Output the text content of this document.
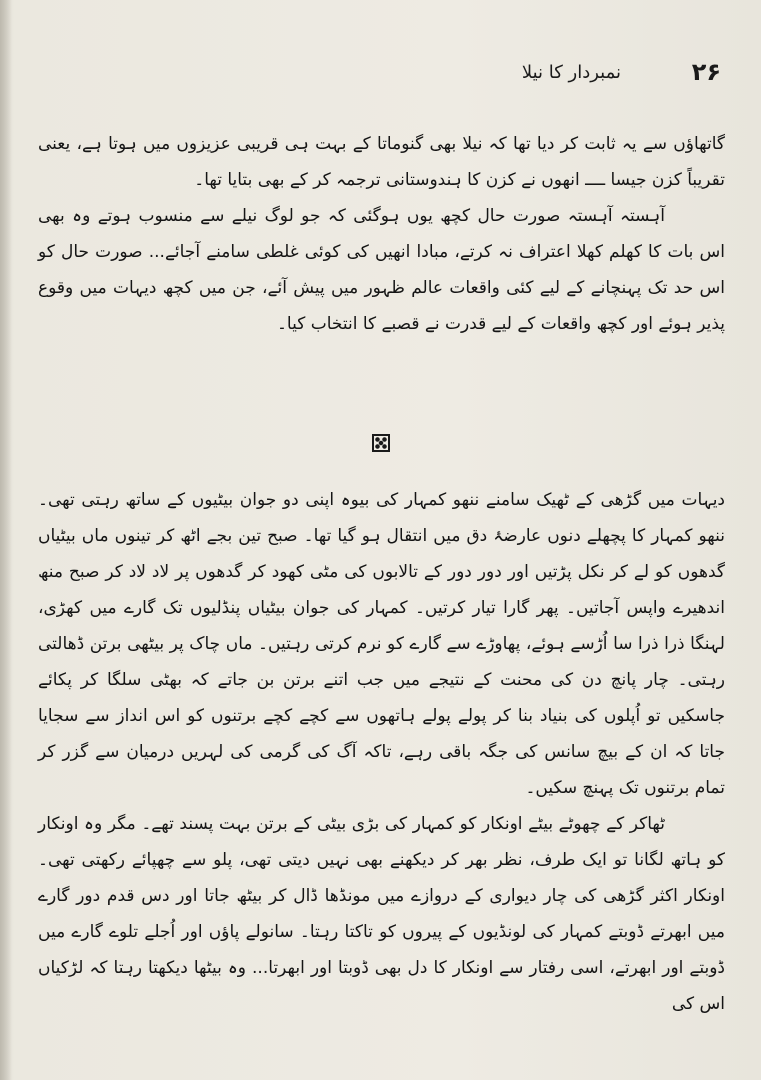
۲۶
نمبردار کا نیلا

گاتھاؤں سے یہ ثابت کر دیا تھا کہ نیلا بھی گنوماتا کے بہت ہی قریبی عزیزوں میں ہوتا ہے، یعنی تقریباً کزن جیسا ــــ انھوں نے کزن کا ہندوستانی ترجمہ کر کے بھی بتایا تھا۔

آہستہ آہستہ صورت حال کچھ یوں ہوگئی کہ جو لوگ نیلے سے منسوب ہوتے وہ بھی اس بات کا کھلم کھلا اعتراف نہ کرتے، مبادا انھیں کی کوئی غلطی سامنے آجائے... صورت حال کو اس حد تک پہنچانے کے لیے کئی واقعات عالم ظہور میں پیش آئے، جن میں کچھ دیہات میں وقوع پذیر ہوئے اور کچھ واقعات کے لیے قدرت نے قصبے کا انتخاب کیا۔

دیہات میں گڑھی کے ٹھیک سامنے ننھو کمہار کی بیوہ اپنی دو جوان بیٹیوں کے ساتھ رہتی تھی۔ ننھو کمہار کا پچھلے دنوں عارضۂ دق میں انتقال ہو گیا تھا۔ صبح تین بجے اٹھ کر تینوں ماں بیٹیاں گدھوں کو لے کر نکل پڑتیں اور دور دور کے تالابوں کی مٹی کھود کر گدھوں پر لاد لاد کر صبح منھ اندھیرے واپس آجاتیں۔ پھر گارا تیار کرتیں۔ کمہار کی جوان بیٹیاں پنڈلیوں تک گارے میں کھڑی، لہنگا ذرا ذرا سا اُڑسے ہوئے، پھاوڑے سے گارے کو نرم کرتی رہتیں۔ ماں چاک پر بیٹھی برتن ڈھالتی رہتی۔ چار پانچ دن کی محنت کے نتیجے میں جب اتنے برتن بن جاتے کہ بھٹی سلگا کر پکائے جاسکیں تو اُپلوں کی بنیاد بنا کر پولے پولے ہاتھوں سے کچے کچے برتنوں کو اس انداز سے سجایا جاتا کہ ان کے بیچ سانس کی جگہ باقی رہے، تاکہ آگ کی گرمی کی لہریں درمیان سے گزر کر تمام برتنوں تک پہنچ سکیں۔

ٹھاکر کے چھوٹے بیٹے اونکار کو کمہار کی بڑی بیٹی کے برتن بہت پسند تھے۔ مگر وہ اونکار کو ہاتھ لگانا تو ایک طرف، نظر بھر کر دیکھنے بھی نہیں دیتی تھی، پلو سے چھپائے رکھتی تھی۔ اونکار اکثر گڑھی کی چار دیواری کے دروازے میں مونڈھا ڈال کر بیٹھ جاتا اور دس قدم دور گارے میں ابھرتے ڈوبتے کمہار کی لونڈیوں کے پیروں کو تاکتا رہتا۔ سانولے پاؤں اور اُجلے تلوے گارے میں ڈوبتے اور ابھرتے، اسی رفتار سے اونکار کا دل بھی ڈوبتا اور ابھرتا... وہ بیٹھا دیکھتا رہتا کہ لڑکیاں اس کی
